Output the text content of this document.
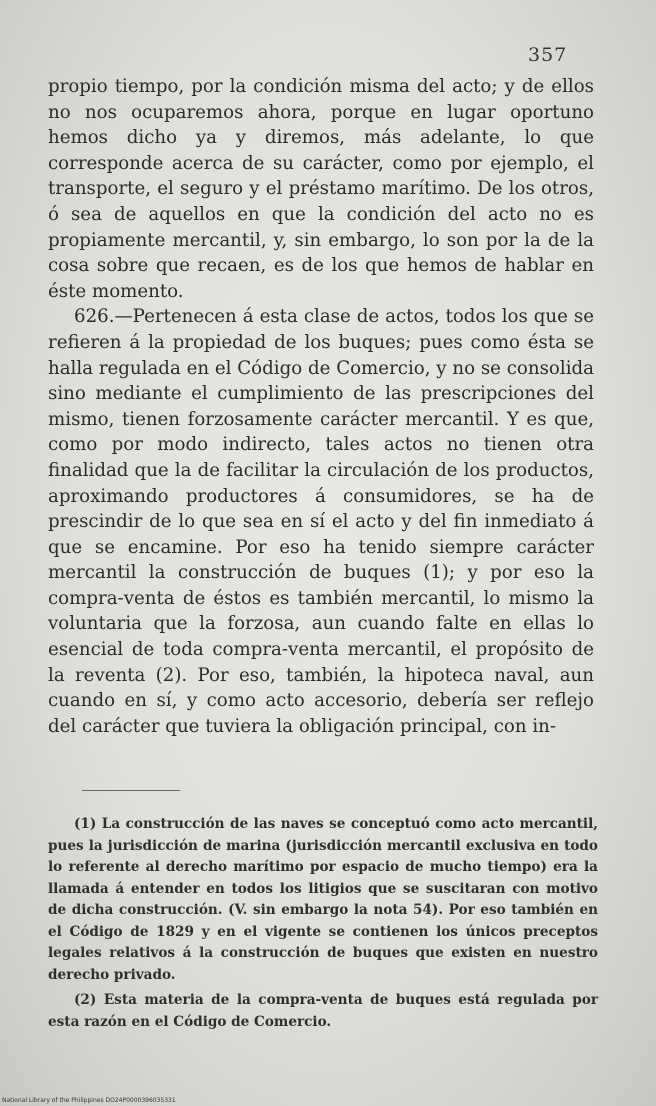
357

propio tiempo, por la condición misma del acto; y de ellos no nos ocuparemos ahora, porque en lugar oportuno hemos dicho ya y diremos, más adelante, lo que corresponde acerca de su carácter, como por ejemplo, el transporte, el seguro y el préstamo marítimo. De los otros, ó sea de aquellos en que la condición del acto no es propiamente mercantil, y, sin embargo, lo son por la de la cosa sobre que recaen, es de los que hemos de hablar en éste momento.

626.—Pertenecen á esta clase de actos, todos los que se refieren á la propiedad de los buques; pues como ésta se halla regulada en el Código de Comercio, y no se consolida sino mediante el cumplimiento de las prescripciones del mismo, tienen forzosamente carácter mercantil. Y es que, como por modo indirecto, tales actos no tienen otra finalidad que la de facilitar la circulación de los productos, aproximando productores á consumidores, se ha de prescindir de lo que sea en sí el acto y del fin inmediato á que se encamine. Por eso ha tenido siempre carácter mercantil la construcción de buques (1); y por eso la compra-venta de éstos es también mercantil, lo mismo la voluntaria que la forzosa, aun cuando falte en ellas lo esencial de toda compra-venta mercantil, el propósito de la reventa (2). Por eso, también, la hipoteca naval, aun cuando en sí, y como acto accesorio, debería ser reflejo del carácter que tuviera la obligación principal, con in-

(1) La construcción de las naves se conceptuó como acto mercantil, pues la jurisdicción de marina (jurisdicción mercantil exclusiva en todo lo referente al derecho marítimo por espacio de mucho tiempo) era la llamada á entender en todos los litigios que se suscitaran con motivo de dicha construcción. (V. sin embargo la nota 54). Por eso también en el Código de 1829 y en el vigente se contienen los únicos preceptos legales relativos á la construcción de buques que existen en nuestro derecho privado.

(2) Esta materia de la compra-venta de buques está regulada por esta razón en el Código de Comercio.

National Library of the Philippines DO24P0000396035331
